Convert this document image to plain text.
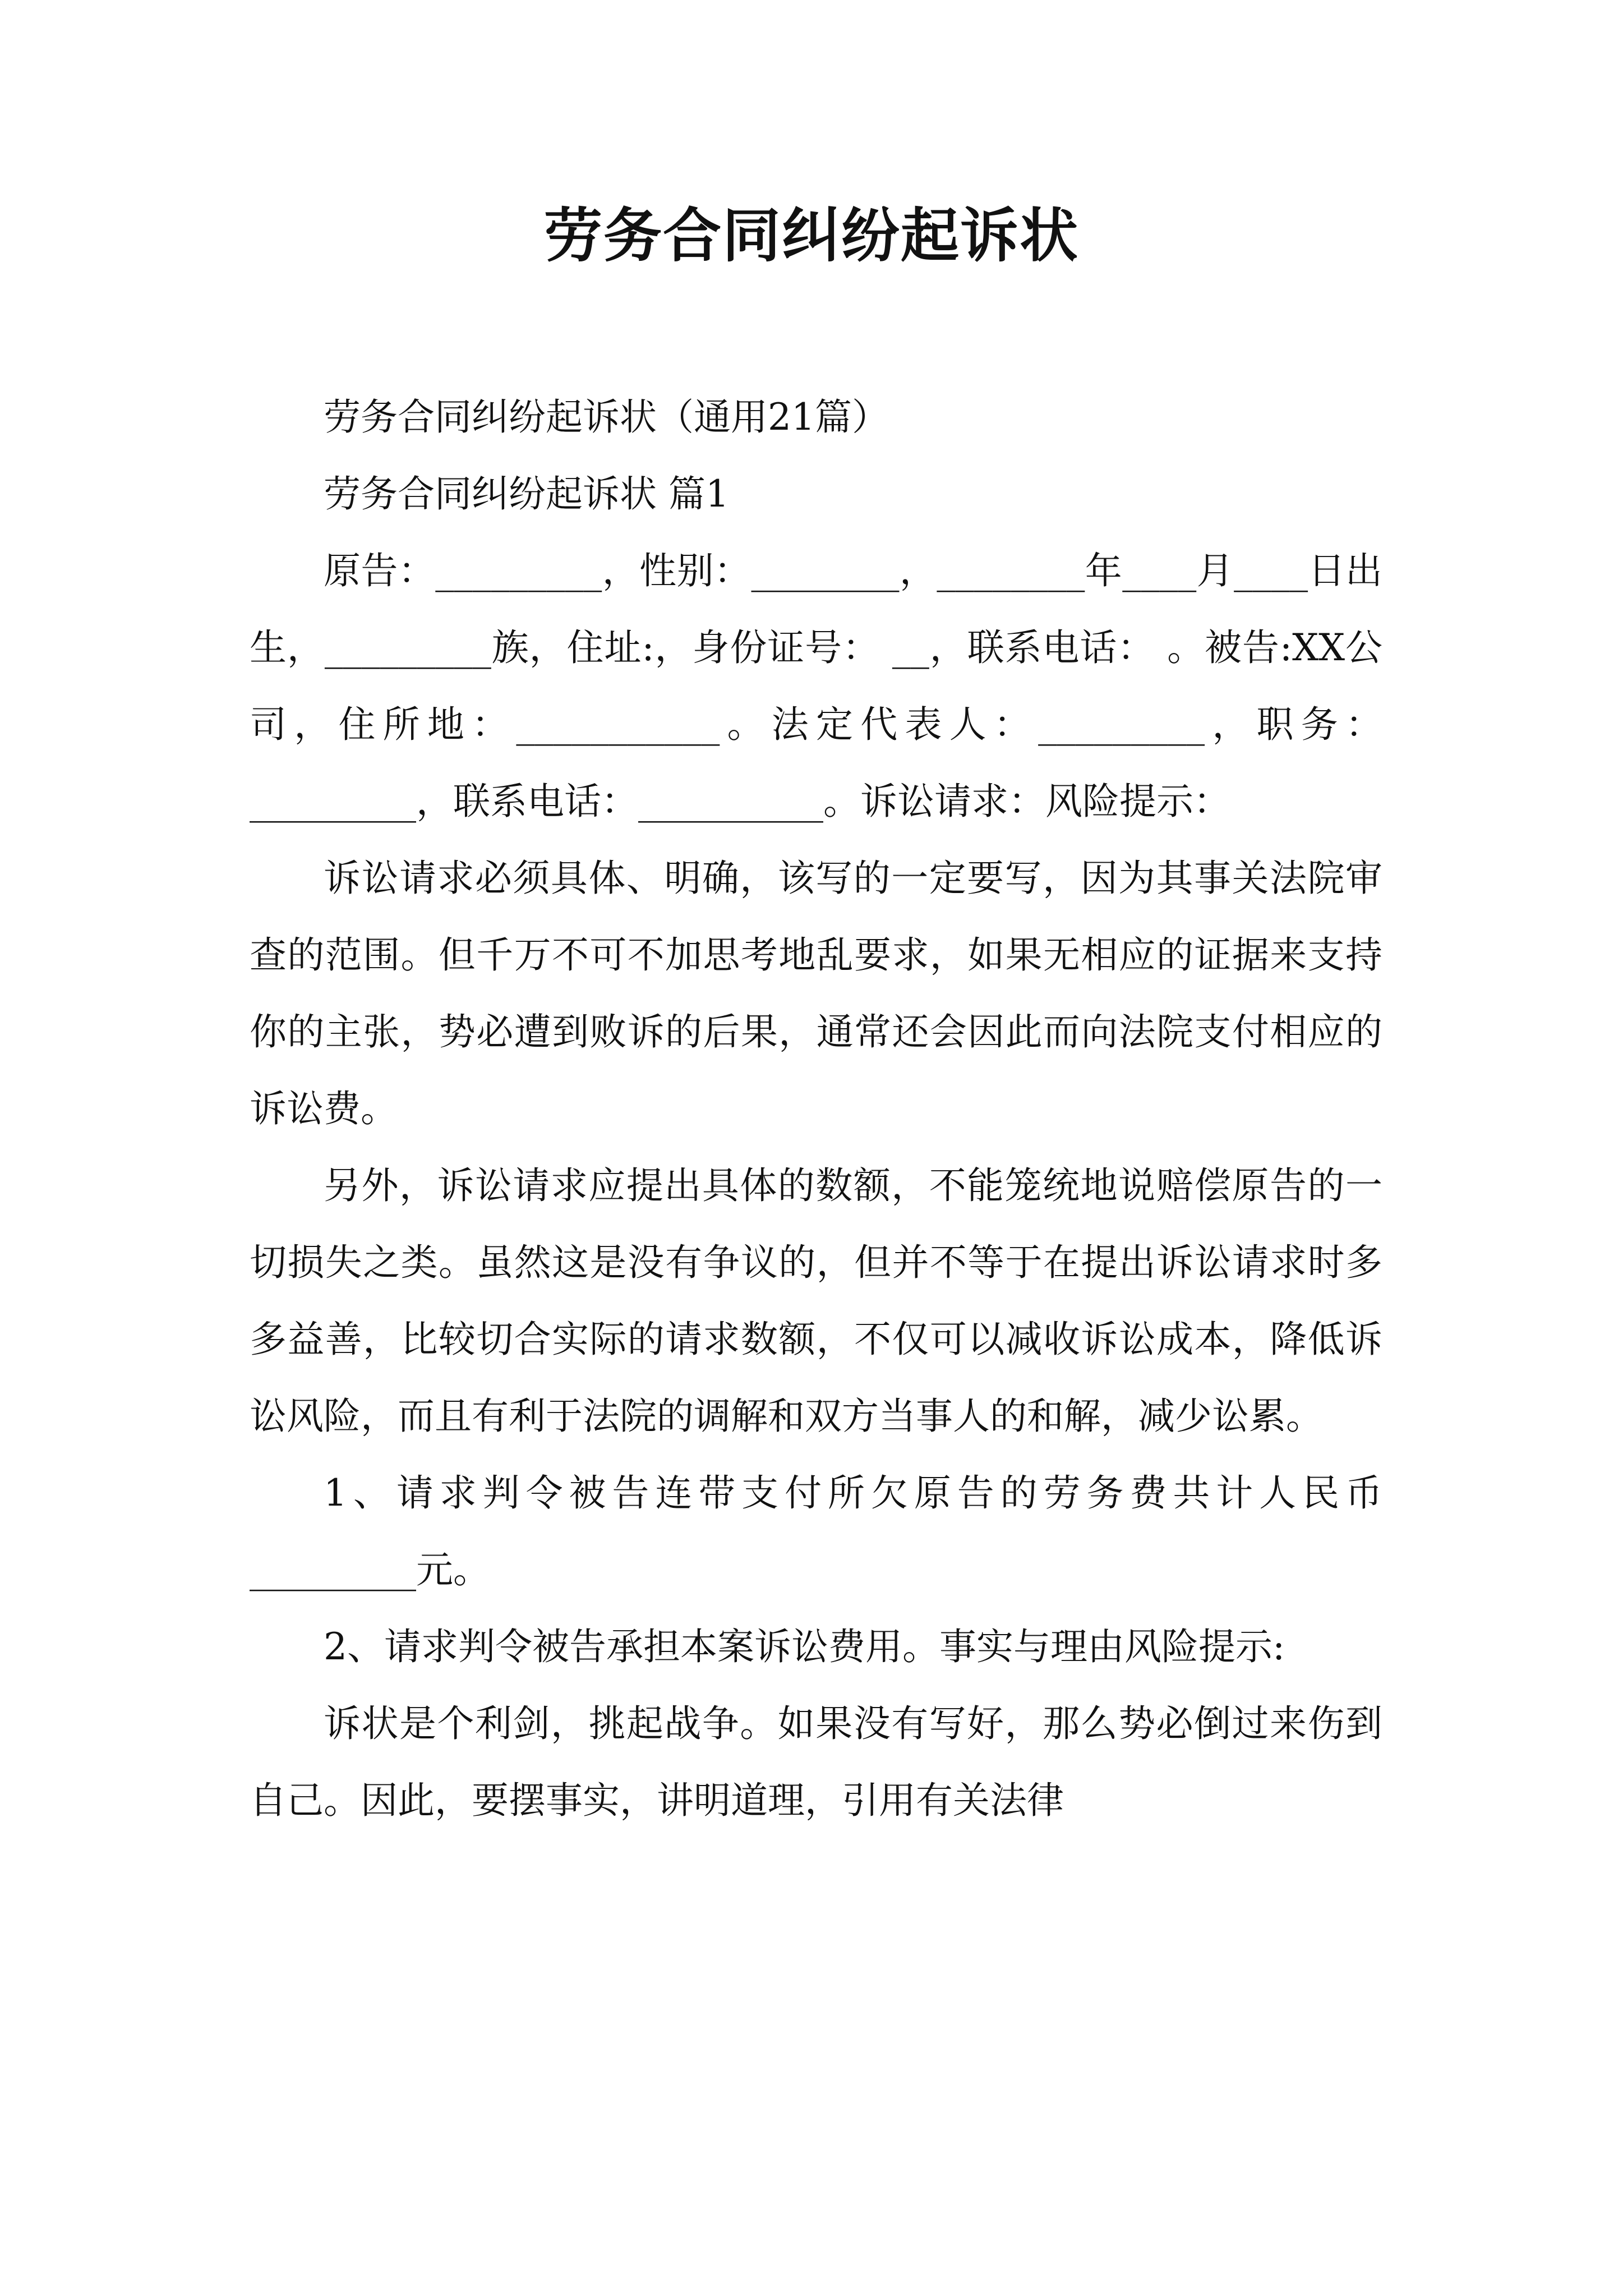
劳务合同纠纷起诉状

劳务合同纠纷起诉状（通用21篇）

劳务合同纠纷起诉状 篇1

原告：_________，性别：________，________年____月____日出生，_________族，住址:，身份证号： __，联系电话： 。被告:XX公司，住所地：___________。法定代表人：_________，职务：_________，联系电话：__________。诉讼请求：风险提示：

诉讼请求必须具体、明确，该写的一定要写，因为其事关法院审查的范围。但千万不可不加思考地乱要求，如果无相应的证据来支持你的主张，势必遭到败诉的后果，通常还会因此而向法院支付相应的诉讼费。

另外，诉讼请求应提出具体的数额，不能笼统地说赔偿原告的一切损失之类。虽然这是没有争议的，但并不等于在提出诉讼请求时多多益善，比较切合实际的请求数额，不仅可以减收诉讼成本，降低诉讼风险，而且有利于法院的调解和双方当事人的和解，减少讼累。

1、请求判令被告连带支付所欠原告的劳务费共计人民币_________元。

2、请求判令被告承担本案诉讼费用。事实与理由风险提示:

诉状是个利剑，挑起战争。如果没有写好，那么势必倒过来伤到自己。因此，要摆事实，讲明道理，引用有关法律
